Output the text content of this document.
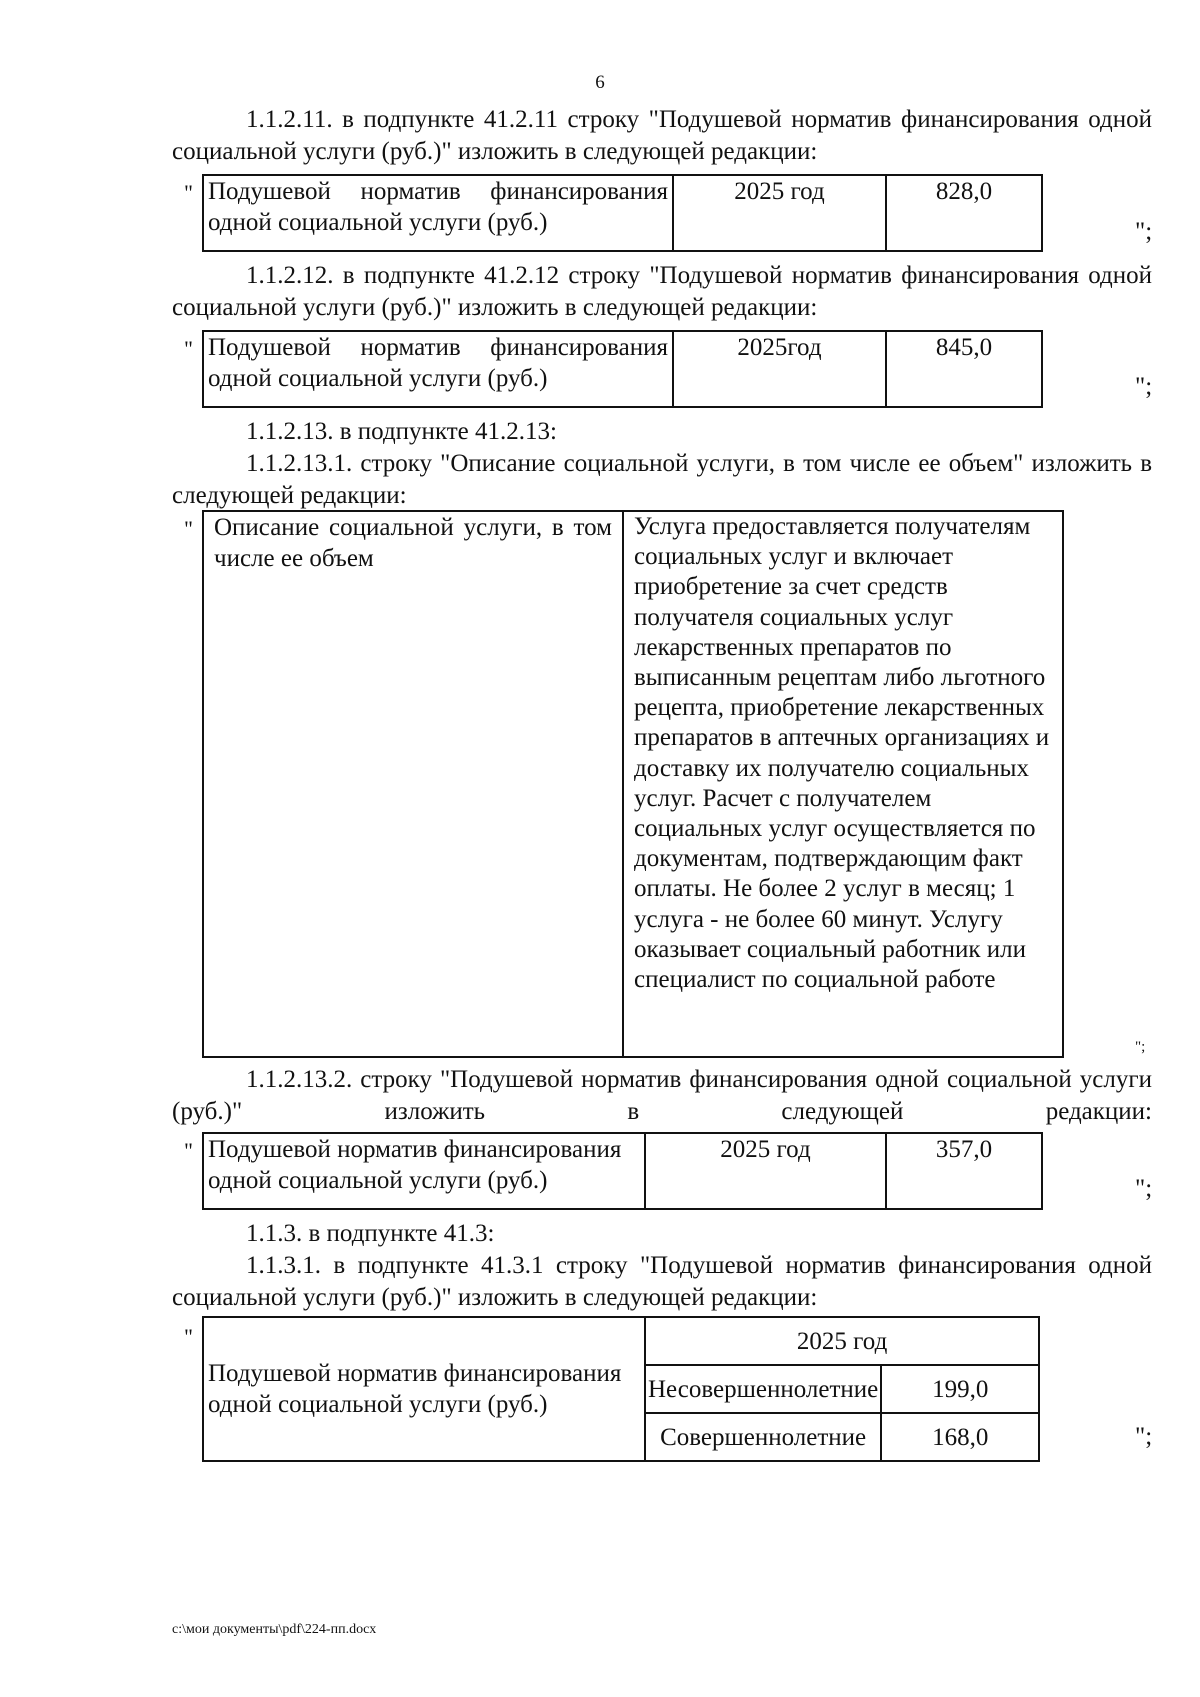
6

1.1.2.11. в подпункте 41.2.11 строку "Подушевой норматив финансирования одной социальной услуги (руб.)" изложить в следующей редакции:

" Подушевой норматив финансирования одной социальной услуги (руб.)	2025 год	828,0
";

1.1.2.12. в подпункте 41.2.12 строку "Подушевой норматив финансирования одной социальной услуги (руб.)" изложить в следующей редакции:

" Подушевой норматив финансирования одной социальной услуги (руб.)	2025год	845,0
";

1.1.2.13. в подпункте 41.2.13:

1.1.2.13.1. строку "Описание социальной услуги, в том числе ее объем" изложить в следующей редакции:

" Описание социальной услуги, в том числе ее объем	Услуга предоставляется получателям социальных услуг и включает приобретение за счет средств получателя социальных услуг лекарственных препаратов по выписанным рецептам либо льготного рецепта, приобретение лекарственных препаратов в аптечных организациях и доставку их получателю социальных услуг. Расчет с получателем социальных услуг осуществляется по документам, подтверждающим факт оплаты. Не более 2 услуг в месяц; 1 услуга - не более 60 минут. Услугу оказывает социальный работник или специалист по социальной работе
";

1.1.2.13.2. строку "Подушевой норматив финансирования одной социальной услуги (руб.)" изложить в следующей редакции:

" Подушевой норматив финансирования одной социальной услуги (руб.)	2025 год	357,0
";

1.1.3. в подпункте 41.3:

1.1.3.1. в подпункте 41.3.1 строку "Подушевой норматив финансирования одной социальной услуги (руб.)" изложить в следующей редакции:

"
Подушевой норматив финансирования одной социальной услуги (руб.)	2025 год	
	Несовершеннолетние	199,0
	Совершеннолетние	168,0	";
c:\мои документы\pdf\224-пп.docx
